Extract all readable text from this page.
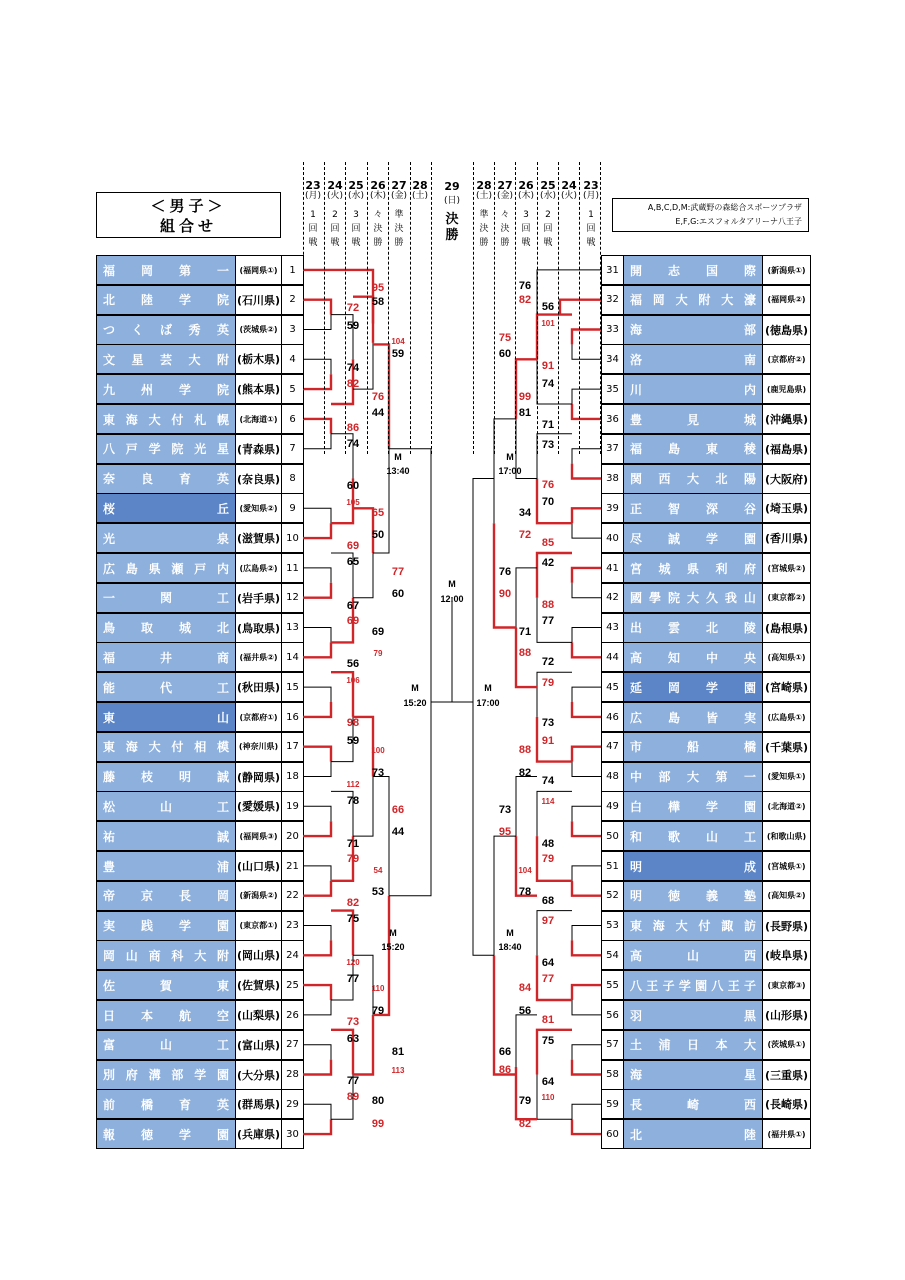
＜男子＞
組合せ
A,B,C,D,M:武蔵野の森総合スポーツプラザ
E,F,G:エスフォルタアリーナ八王子
23
(月)
1
回
戦
24
(火)
2
回
戦
25
(水)
3
回
戦
26
(木)
々
決
勝
27
(金)
準
決
勝
28
(土)
28
(土)
準
決
勝
27
(金)
々
決
勝
26
(木)
3
回
戦
25
(水)
2
回
戦
24
(火)
23
(月)
1
回
戦
29
(日)
決
勝
福 岡 第 一	(福岡県①)	1
北 陸 学 院 (石川県) 2
つ く ば 秀 英	(茨城県②)	3
文 星 芸 大 附 (栃木県) 4
九 州 学 院 (熊本県) 5
東 海 大 付 札 幌	(北海道①)	6
八 戸 学 院 光 星 (青森県) 7
奈 良 育 英 (奈良県) 8
桜	丘	(愛知県②)	9
光	泉 (滋賀県) 10
広 島 県 瀬 戸 内	(広島県②) 11
一	関	工 (岩手県) 12
鳥 取 城 北 (鳥取県) 13
福	井	商	(福井県②) 14
能	代	工 (秋田県) 15
東	山	(京都府①) 16
東 海 大 付 相 模	(神奈川県) 17
藤 枝 明 誠 (静岡県) 18
松	山	工 (愛媛県) 19
祐	誠	(福岡県③) 20
豊	浦 (山口県) 21
帝 京 長 岡	(新潟県②) 22
実 践 学 園	(東京都①) 23
岡 山 商 科 大 附 (岡山県) 24
佐	賀	東 (佐賀県) 25
日 本 航 空 (山梨県) 26
富	山	工 (富山県) 27
別 府 溝 部 学 園 (大分県) 28
前 橋 育 英 (群馬県) 29
報 徳 学 園 (兵庫県) 30
31 開 志 国 際	(新潟県①)
32 福 岡 大 附 大 濠	(福岡県②)
33 海	部 (徳島県)
34 洛	南	(京都府②)
35 川	内	(鹿児島県)
36 豊	見	城 (沖縄県)
37 福 島 東 稜 (福島県)
38 関 西 大 北 陽 (大阪府)
39 正 智 深 谷 (埼玉県)
40 尽 誠 学 園 (香川県)
41 宮 城 県 利 府	(宮城県②)
42 國 學 院 大 久 我 山	(東京都②)
43 出 雲 北 陵 (島根県)
44 高 知 中 央	(高知県①)
45 延 岡 学 園 (宮崎県)
46 広 島 皆 実	(広島県①)
47 市	船	橋 (千葉県)
48 中 部 大 第 一	(愛知県①)
49 白 樺 学 園	(北海道②)
50 和 歌 山 工	(和歌山県)
51 明	成	(宮城県①)
52 明 徳 義 塾	(高知県②)
53 東 海 大 付 諏 訪 (長野県)
54 高	山	西 (岐阜県)
55 八 王 子 学 園 八 王 子	(東京都③)
56 羽	黒 (山形県)
57 土 浦 日 本 大	(茨城県①)
58 海	星 (三重県)
59 長	崎	西 (長崎県)
60 北	陸	(福井県①)
95
58
72
59
104
59
74
82
76
44
86
74
60
105
65
50
69
65
77
60
67
69
69
79
56
106
98
59
100
73
112
78
66
44
71
79
54
53
82
75
120
77
110
79
73
63
81
113
77
89 80
99
76
82
56
101
75
60
91
74
99
81
71
73
76
70
34
72
85
42
76
90
88
77
71
88
72
79
73
91
88
82
74
114
73
95
48
79
104
78
68
97
64
77
84
56
81
75
66
86
64
110
79
82
M
13:40
M
17:00
M
12:00
M
15:20
M
17:00
M
15:20
M
18:40
